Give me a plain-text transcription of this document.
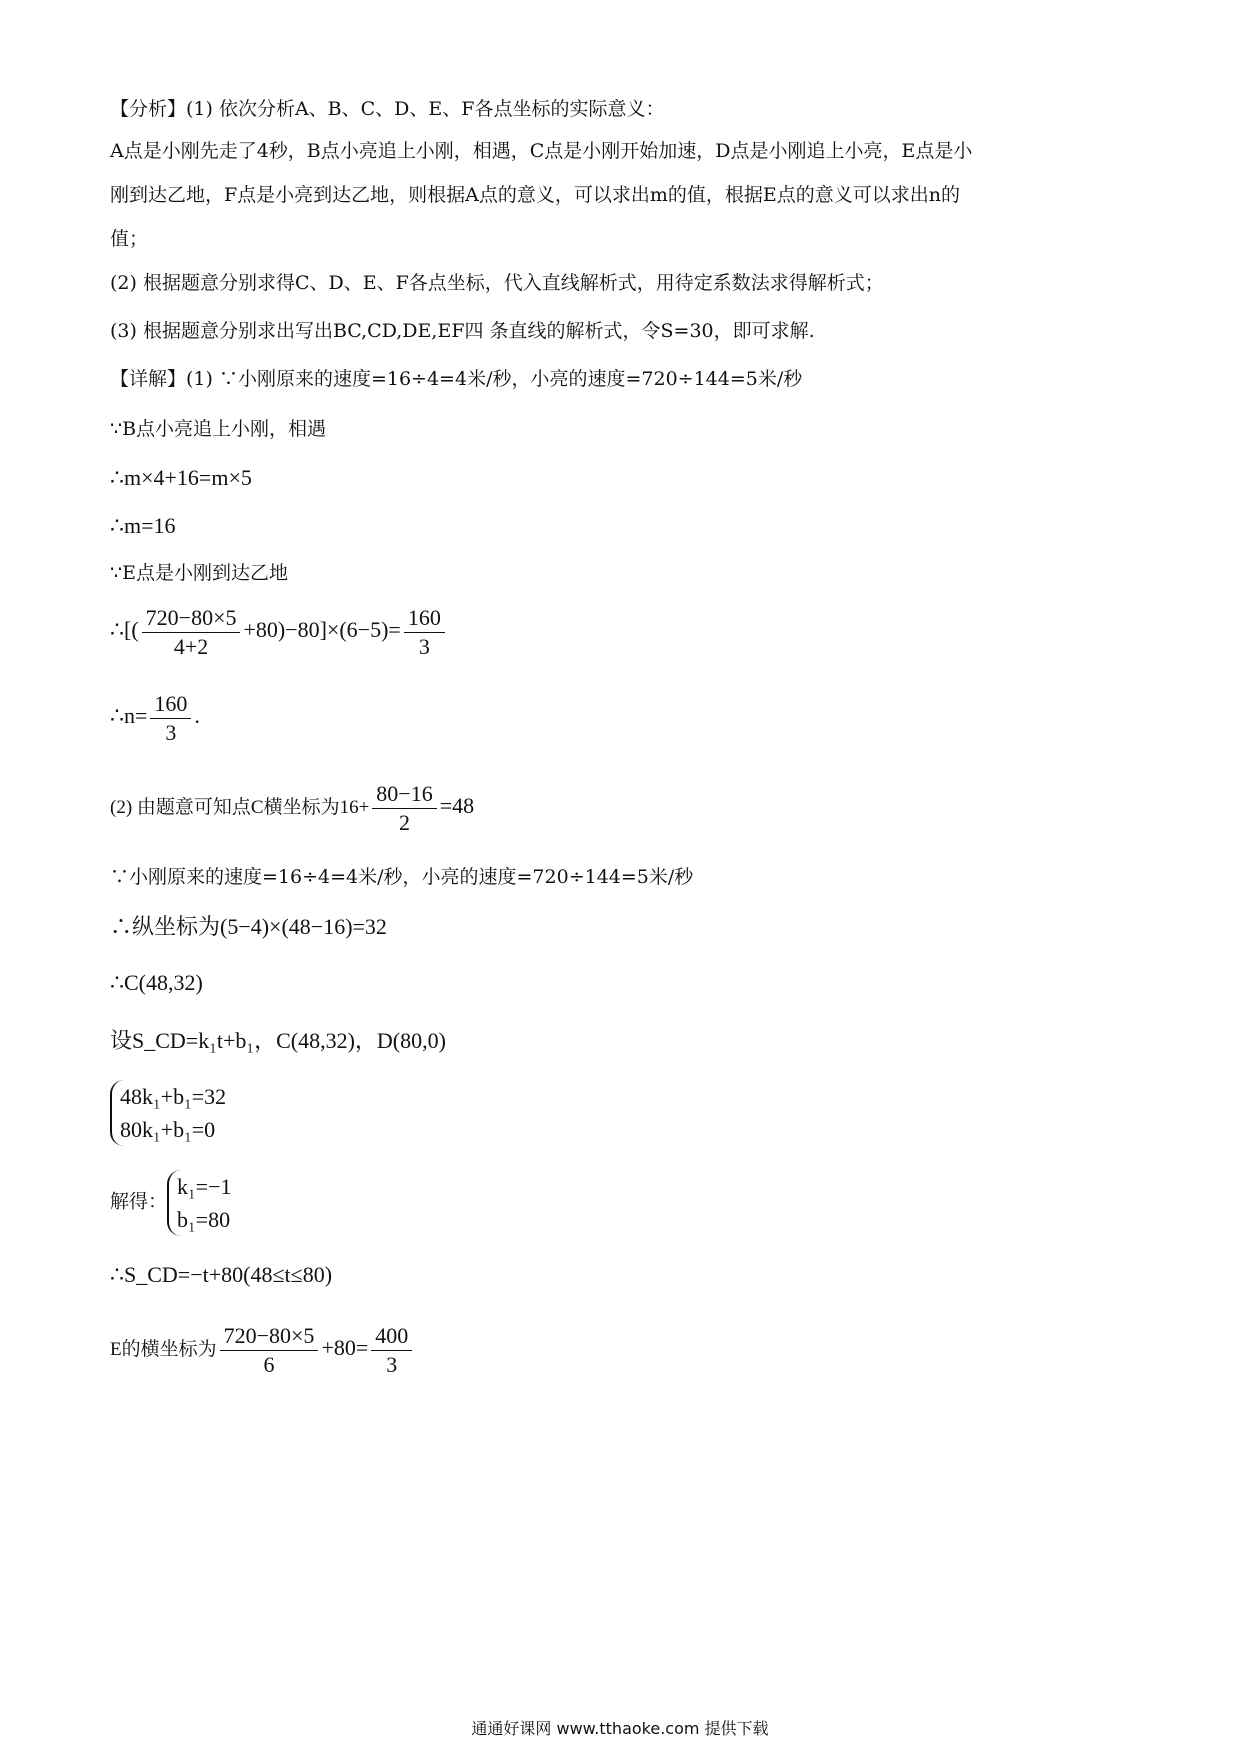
【分析】(1) 依次分析A、B、C、D、E、F各点坐标的实际意义：
A点是小刚先走了4秒，B点小亮追上小刚，相遇，C点是小刚开始加速，D点是小刚追上小亮，E点是小
刚到达乙地，F点是小亮到达乙地，则根据A点的意义，可以求出m的值，根据E点的意义可以求出n的
值；
(2) 根据题意分别求得C、D、E、F各点坐标，代入直线解析式，用待定系数法求得解析式；
(3) 根据题意分别求出写出BC,CD,DE,EF四 条直线的解析式，令S=30，即可求解.
【详解】(1) ∵小刚原来的速度=16÷4=4米/秒，小亮的速度=720÷144=5米/秒
∵B点小亮追上小刚，相遇
∴m×4+16=m×5
∴m=16
∵E点是小刚到达乙地
∴[( $\frac{720-80\times 5}{4+2} +80)-80]\times(6-5)= \frac{160}{3}$
∴n= $\frac{160}{3}$ .
(2) 由题意可知点C横坐标为$16+ \frac{80-16}{2} =48$
∵小刚原来的速度=16÷4=4米/秒，小亮的速度=720÷144=5米/秒
∴纵坐标为(5−4)×(48−16)=32
∴C(48,32)
设S_CD=k₁t+b₁，C(48,32)，D(80,0)
48k₁+b₁=32
80k₁+b₁=0
解得：
k₁=−1
b₁=80
∴S_CD=−t+80(48≤t≤80)
E的横坐标为 $\frac{720-80\times 5}{6} +80= \frac{400}{3}$
通通好课网 www.tthaoke.com 提供下载
